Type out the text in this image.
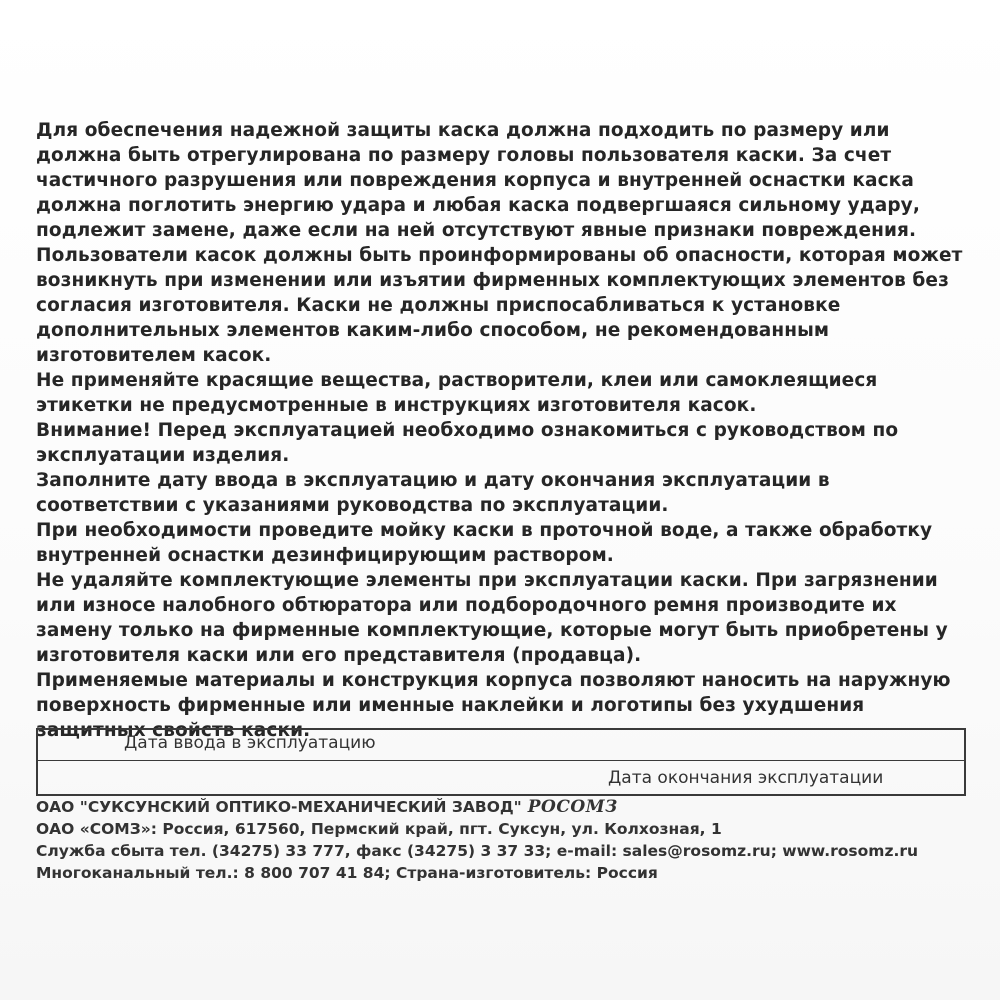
Для обеспечения надежной защиты каска должна подходить по размеру или должна быть отрегулирована по размеру головы пользователя каски. За счет частичного разрушения или повреждения корпуса и внутренней оснастки каска должна поглотить энергию удара и любая каска подвергшаяся сильному удару, подлежит замене, даже если на ней отсутствуют явные признаки повреждения.

Пользователи касок должны быть проинформированы об опасности, которая может возникнуть при изменении или изъятии фирменных комплектующих элементов без согласия изготовителя. Каски не должны приспосабливаться к установке дополнительных элементов каким-либо способом, не рекомендованным изготовителем касок.

Не применяйте красящие вещества, растворители, клеи или самоклеящиеся этикетки не предусмотренные в инструкциях изготовителя касок.

Внимание! Перед эксплуатацией необходимо ознакомиться с руководством по эксплуатации изделия.

Заполните дату ввода в эксплуатацию и дату окончания эксплуатации в соответствии с указаниями руководства по эксплуатации.

При необходимости проведите мойку каски в проточной воде, а также обработку внутренней оснастки дезинфицирующим раствором.

Не удаляйте комплектующие элементы при эксплуатации каски. При загрязнении или износе налобного обтюратора или подбородочного ремня производите их замену только на фирменные комплектующие, которые могут быть приобретены у изготовителя каски или его представителя (продавца).

Применяемые материалы и конструкция корпуса позволяют наносить на наружную поверхность фирменные или именные наклейки и логотипы без ухудшения защитных свойств каски.

Дата ввода в эксплуатацию
Дата окончания эксплуатации

ОАО "СУКСУНСКИЙ ОПТИКО-МЕХАНИЧЕСКИЙ ЗАВОД" РОСОМЗ

ОАО «СОМЗ»: Россия, 617560, Пермский край, пгт. Суксун, ул. Колхозная, 1

Служба сбыта тел. (34275) 33 777, факс (34275) 3 37 33; e-mail: sales@rosomz.ru; www.rosomz.ru

Многоканальный тел.: 8 800 707 41 84; Страна-изготовитель: Россия
